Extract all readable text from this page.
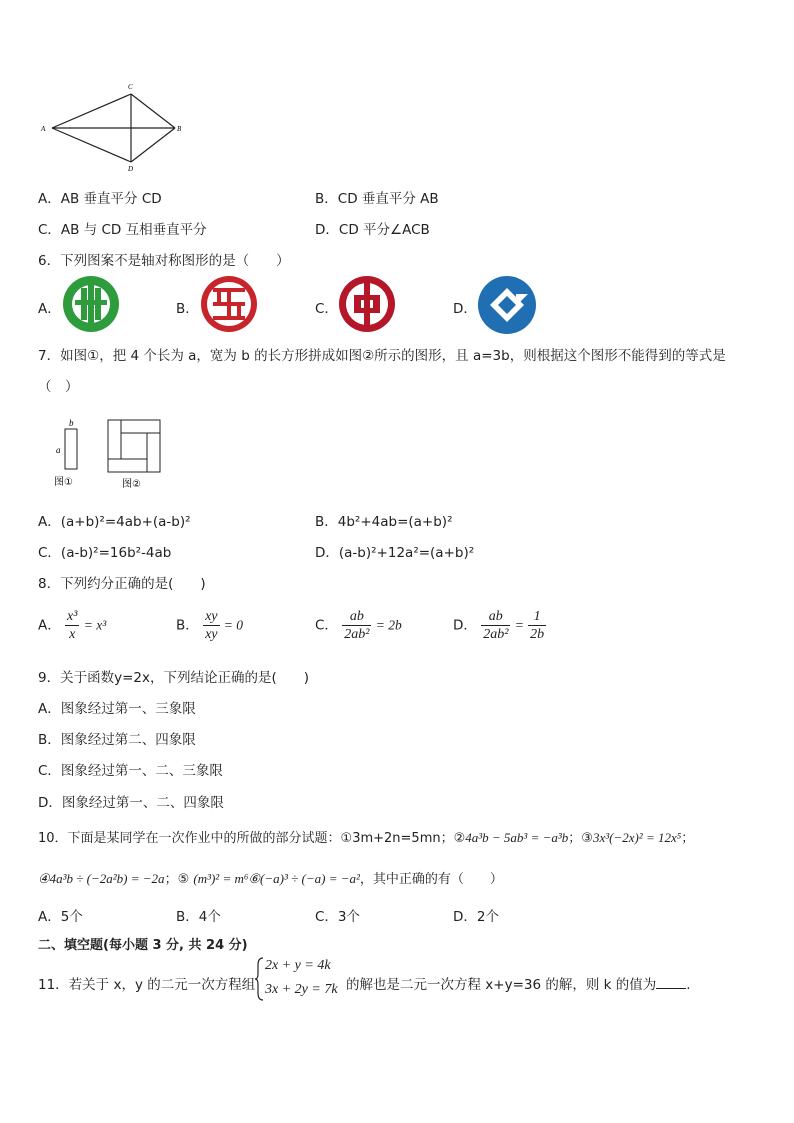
A
C
B
D
A．AB 垂直平分 CD	B．CD 垂直平分 AB
C．AB 与 CD 互相垂直平分	D．CD 平分∠ACB
6．下列图案不是轴对称图形的是（　　）
A．	B．	C．	D．
7．如图①，把 4 个长为 a，宽为 b 的长方形拼成如图②所示的图形，且 a=3b，则根据这个图形不能得到的等式是
（　）
b
a
图①	图②
A．(a+b)²=4ab+(a-b)²	B．4b²+4ab=(a+b)²
C．(a-b)²=16b²-4ab	D．(a-b)²+12a²=(a+b)²
8．下列约分正确的是(　　)
A． $\frac{\text{x³}}{x} = x^3$	B． $\frac{xy}{xy} = 0$	C． $\frac{ab}{\text{2ab²}} = 2b$	D． $\frac{ab}{\text{2ab²}} = \frac{1}{2b}$
9．关于函数y=2x，下列结论正确的是(　　)
A．图象经过第一、三象限
B．图象经过第二、四象限
C．图象经过第一、二、三象限
D．图象经过第一、二、四象限
10．下面是某同学在一次作业中的所做的部分试题：①3m+2n=5mn；②4a³b − 5ab³ = −a³b；③3x³(−2x)² = 12x⁵；
④4a³b ÷ (−2a²b) = −2a；⑤ (m³)² = m⁶⑥(−a)³ ÷ (−a) = −a²，其中正确的有（　　）
A．5个	B．4个	C．3个	D．2个
二、填空题(每小题 3 分, 共 24 分)
11．若关于 x，y 的二元一次方程组
2x + y = 4k
3x + 2y = 7k 的解也是二元一次方程 x+y=36 的解，则 k 的值为 .
